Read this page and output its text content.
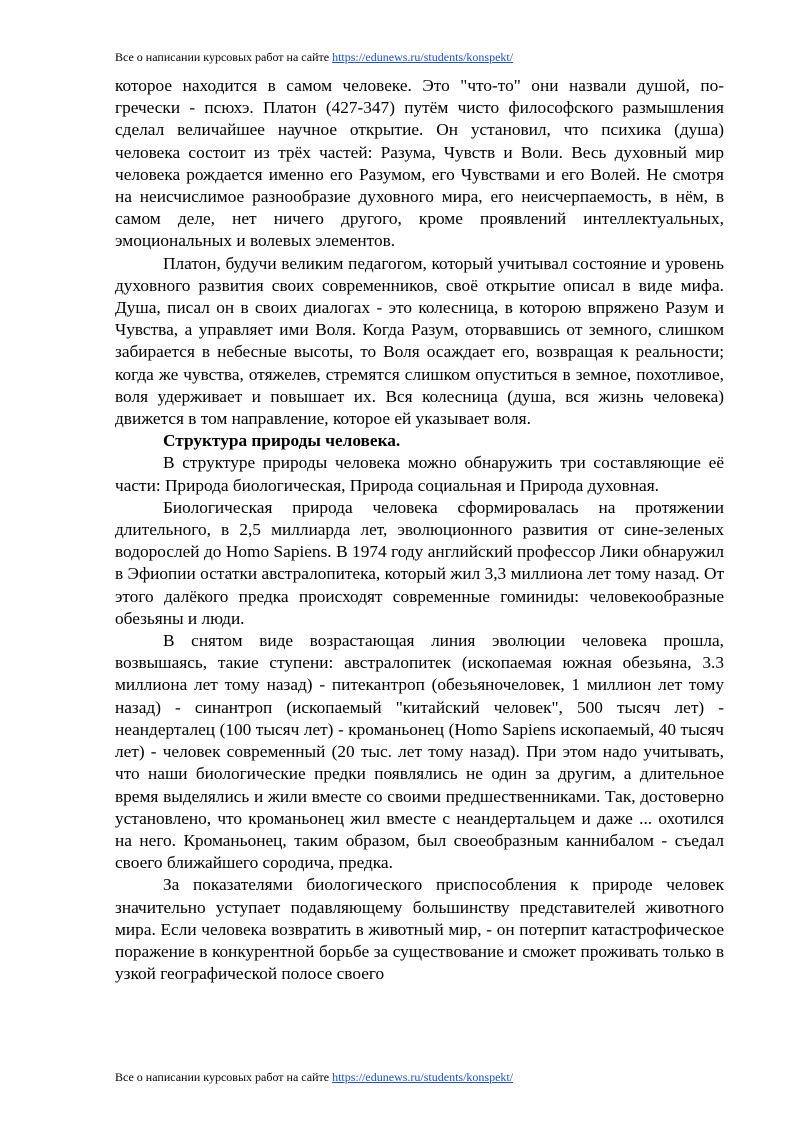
Все о написании курсовых работ на сайте https://edunews.ru/students/konspekt/

которое находится в самом человеке. Это "что-то" они назвали душой, по-гречески - псюхэ. Платон (427-347) путём чисто философского размышления сделал величайшее научное открытие. Он установил, что психика (душа) человека состоит из трёх частей: Разума, Чувств и Воли. Весь духовный мир человека рождается именно его Разумом, его Чувствами и его Волей. Не смотря на неисчислимое разнообразие духовного мира, его неисчерпаемость, в нём, в самом деле, нет ничего другого, кроме проявлений интеллектуальных, эмоциональных и волевых элементов.

Платон, будучи великим педагогом, который учитывал состояние и уровень духовного развития своих современников, своё открытие описал в виде мифа. Душа, писал он в своих диалогах - это колесница, в которою впряжено Разум и Чувства, а управляет ими Воля. Когда Разум, оторвавшись от земного, слишком забирается в небесные высоты, то Воля осаждает его, возвращая к реальности; когда же чувства, отяжелев, стремятся слишком опуститься в земное, похотливое, воля удерживает и повышает их. Вся колесница (душа, вся жизнь человека) движется в том направление, которое ей указывает воля.

Структура природы человека.

В структуре природы человека можно обнаружить три составляющие её части: Природа биологическая, Природа социальная и Природа духовная.

Биологическая природа человека сформировалась на протяжении длительного, в 2,5 миллиарда лет, эволюционного развития от сине-зеленых водорослей до Homo Sapiens. В 1974 году английский профессор Лики обнаружил в Эфиопии остатки австралопитека, который жил 3,3 миллиона лет тому назад. От этого далёкого предка происходят современные гоминиды: человекообразные обезьяны и люди.

В снятом виде возрастающая линия эволюции человека прошла, возвышаясь, такие ступени: австралопитек (ископаемая южная обезьяна, 3.3 миллиона лет тому назад) - питекантроп (обезьяночеловек, 1 миллион лет тому назад) - синантроп (ископаемый "китайский человек", 500 тысяч лет) - неандерталец (100 тысяч лет) - кроманьонец (Homo Sapiens ископаемый, 40 тысяч лет) - человек современный (20 тыс. лет тому назад). При этом надо учитывать, что наши биологические предки появлялись не один за другим, а длительное время выделялись и жили вместе со своими предшественниками. Так, достоверно установлено, что кроманьонец жил вместе с неандертальцем и даже ... охотился на него. Кроманьонец, таким образом, был своеобразным каннибалом - съедал своего ближайшего сородича, предка.

За показателями биологического приспособления к природе человек значительно уступает подавляющему большинству представителей животного мира. Если человека возвратить в животный мир, - он потерпит катастрофическое поражение в конкурентной борьбе за существование и сможет проживать только в узкой географической полосе своего

Все о написании курсовых работ на сайте https://edunews.ru/students/konspekt/
